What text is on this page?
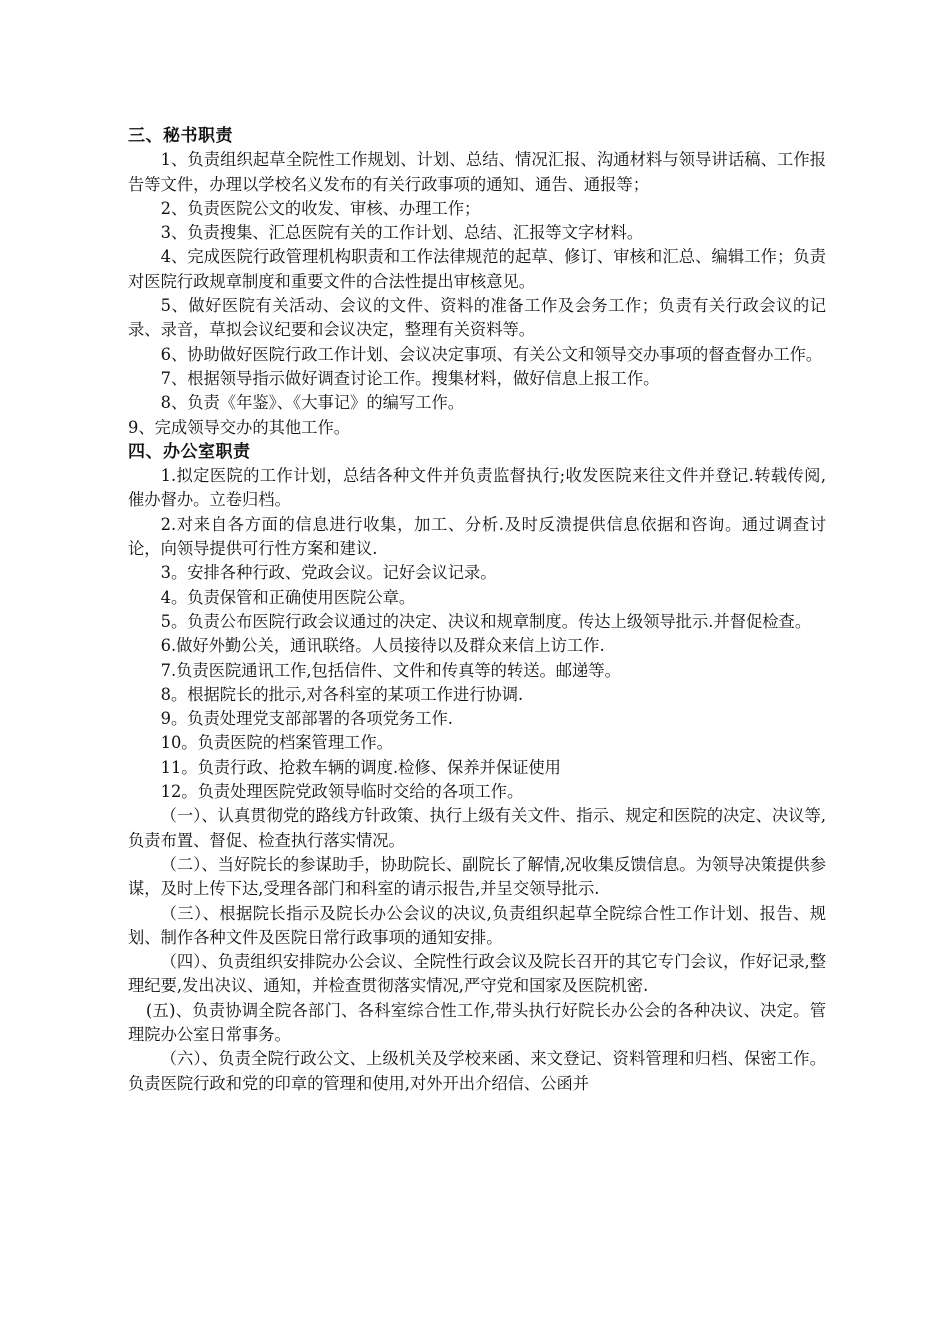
三、秘书职责

1、负责组织起草全院性工作规划、计划、总结、情况汇报、沟通材料与领导讲话稿、工作报告等文件，办理以学校名义发布的有关行政事项的通知、通告、通报等；

2、负责医院公文的收发、审核、办理工作；

3、负责搜集、汇总医院有关的工作计划、总结、汇报等文字材料。

4、完成医院行政管理机构职责和工作法律规范的起草、修订、审核和汇总、编辑工作；负责对医院行政规章制度和重要文件的合法性提出审核意见。

5、做好医院有关活动、会议的文件、资料的准备工作及会务工作；负责有关行政会议的记录、录音，草拟会议纪要和会议决定，整理有关资料等。

6、协助做好医院行政工作计划、会议决定事项、有关公文和领导交办事项的督查督办工作。

7、根据领导指示做好调查讨论工作。搜集材料，做好信息上报工作。

8、负责《年鉴》、《大事记》的编写工作。

9、完成领导交办的其他工作。

四、办公室职责

1.拟定医院的工作计划，总结各种文件并负责监督执行;收发医院来往文件并登记.转载传阅,催办督办。立卷归档。

2.对来自各方面的信息进行收集，加工、分析.及时反溃提供信息依据和咨询。通过调查讨论，向领导提供可行性方案和建议.

3。安排各种行政、党政会议。记好会议记录。

4。负责保管和正确使用医院公章。

5。负责公布医院行政会议通过的决定、决议和规章制度。传达上级领导批示.并督促检查。

6.做好外勤公关，通讯联络。人员接待以及群众来信上访工作.

7.负责医院通讯工作,包括信件、文件和传真等的转送。邮递等。

8。根据院长的批示,对各科室的某项工作进行协调.

9。负责处理党支部部署的各项党务工作.

10。负责医院的档案管理工作。

11。负责行政、抢救车辆的调度.检修、保养并保证使用

12。负责处理医院党政领导临时交给的各项工作。

（一）、认真贯彻党的路线方针政策、执行上级有关文件、指示、规定和医院的决定、决议等,负责布置、督促、检查执行落实情况。

（二）、当好院长的参谋助手，协助院长、副院长了解情,况收集反馈信息。为领导决策提供参谋，及时上传下达,受理各部门和科室的请示报告,并呈交领导批示.

（三）、根据院长指示及院长办公会议的决议,负责组织起草全院综合性工作计划、报告、规划、制作各种文件及医院日常行政事项的通知安排。

（四）、负责组织安排院办公会议、全院性行政会议及院长召开的其它专门会议，作好记录,整理纪要,发出决议、通知，并检查贯彻落实情况,严守党和国家及医院机密.

(五)、负责协调全院各部门、各科室综合性工作,带头执行好院长办公会的各种决议、决定。管理院办公室日常事务。

（六）、负责全院行政公文、上级机关及学校来函、来文登记、资料管理和归档、保密工作。负责医院行政和党的印章的管理和使用,对外开出介绍信、公函并
